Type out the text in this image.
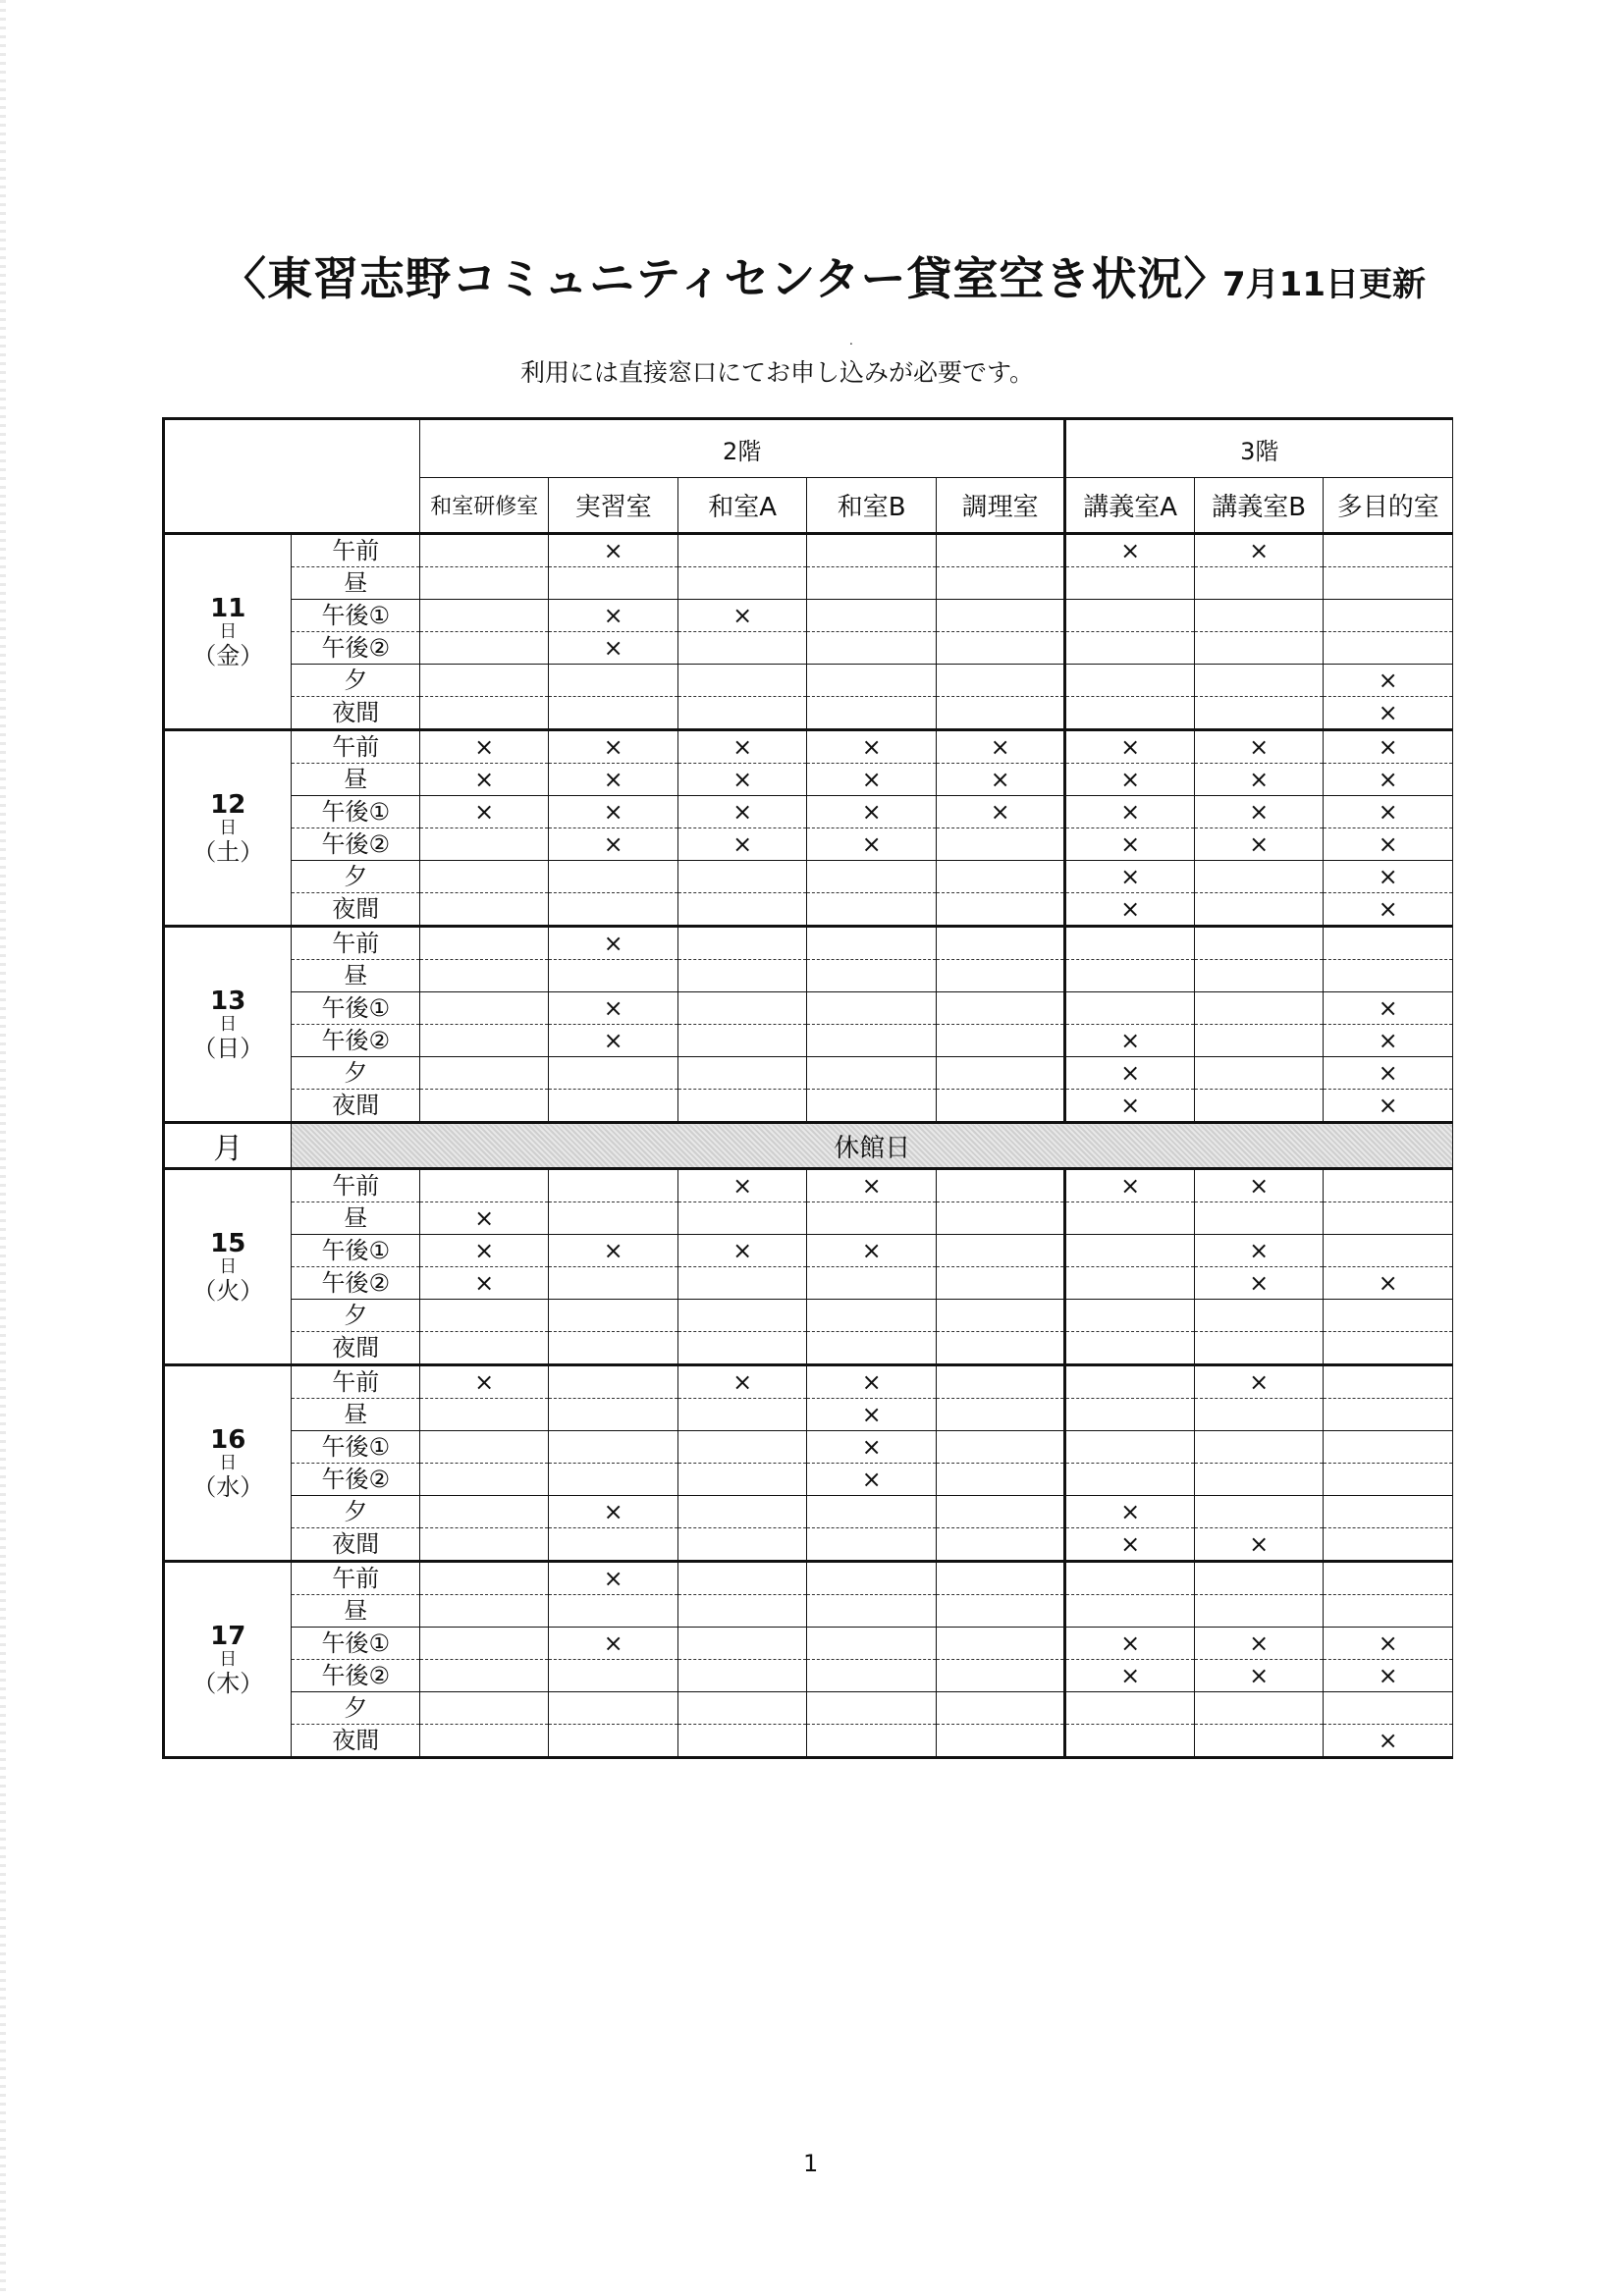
〈東習志野コミュニティセンター貸室空き状況〉
7月11日更新
.
利用には直接窓口にてお申し込みが必要です。
		2階					3階		
		和室研修室	実習室	和室A	和室B	調理室	講義室A	講義室B	多目的室

11
日
（金）	午前		×				×	×	
	昼								
	午後①		×	×					
	午後②		×						
	夕								×
	夜間								×

12
日
（土）	午前	×	×	×	×	×	×	×	×
	昼	×	×	×	×	×	×	×	×
	午後①	×	×	×	×	×	×	×	×
	午後②		×	×	×		×	×	×
	夕						×		×
	夜間						×		×

13
日
（日）	午前		×						
	昼								
	午後①		×						×
	午後②		×				×		×
	夕						×		×
	夜間						×		×
月	休館日								

15
日
（火）	午前			×	×		×	×	
	昼	×							
	午後①	×	×	×	×			×	
	午後②	×						×	×
	夕								
	夜間								

16
日
（水）	午前	×		×	×			×	
	昼				×				
	午後①				×				
	午後②				×				
	夕		×				×		
	夜間						×	×	

17
日
（木）	午前		×						
	昼								
	午後①		×				×	×	×
	午後②						×	×	×
	夕								
	夜間								×
1
